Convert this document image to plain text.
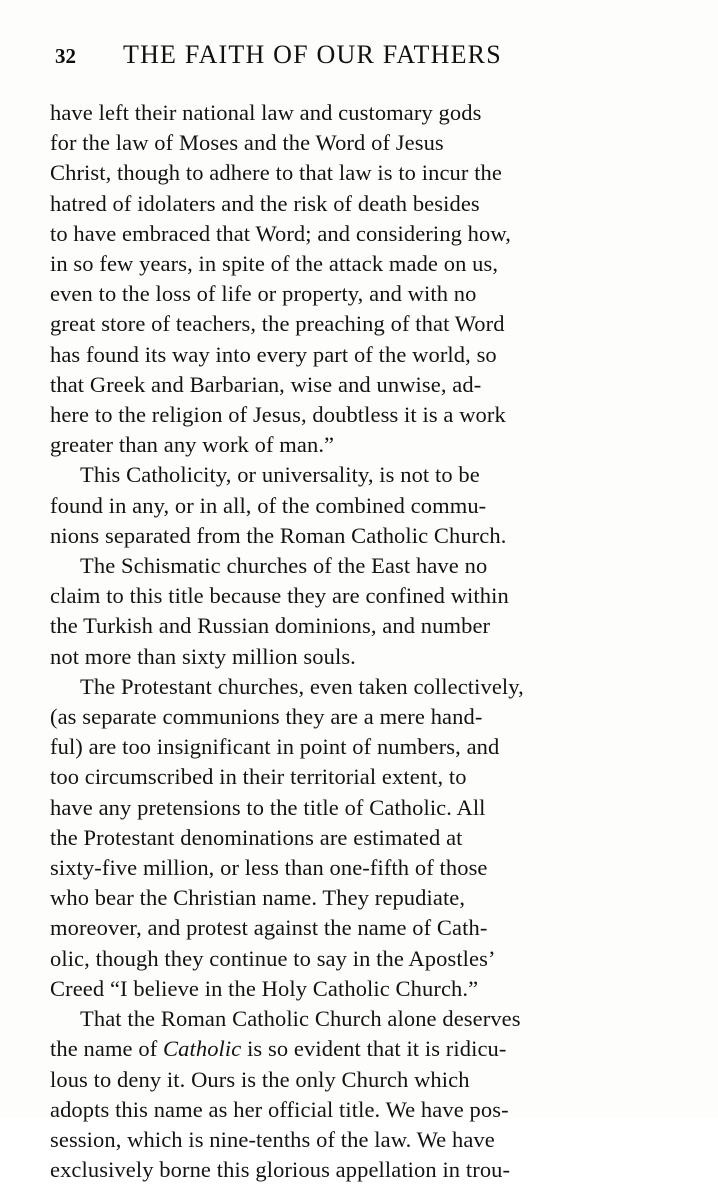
32	THE FAITH OF OUR FATHERS
have left their national law and customary gods
for the law of Moses and the Word of Jesus
Christ, though to adhere to that law is to incur the
hatred of idolaters and the risk of death besides
to have embraced that Word; and considering how,
in so few years, in spite of the attack made on us,
even to the loss of life or property, and with no
great store of teachers, the preaching of that Word
has found its way into every part of the world, so
that Greek and Barbarian, wise and unwise, ad-
here to the religion of Jesus, doubtless it is a work
greater than any work of man.”
This Catholicity, or universality, is not to be
found in any, or in all, of the combined commu-
nions separated from the Roman Catholic Church.
The Schismatic churches of the East have no
claim to this title because they are confined within
the Turkish and Russian dominions, and number
not more than sixty million souls.
The Protestant churches, even taken collectively,
(as separate communions they are a mere hand-
ful) are too insignificant in point of numbers, and
too circumscribed in their territorial extent, to
have any pretensions to the title of Catholic. All
the Protestant denominations are estimated at
sixty-five million, or less than one-fifth of those
who bear the Christian name. They repudiate,
moreover, and protest against the name of Cath-
olic, though they continue to say in the Apostles’
Creed “I believe in the Holy Catholic Church.”
That the Roman Catholic Church alone deserves
the name of Catholic is so evident that it is ridicu-
lous to deny it. Ours is the only Church which
adopts this name as her official title. We have pos-
session, which is nine-tenths of the law. We have
exclusively borne this glorious appellation in trou-
